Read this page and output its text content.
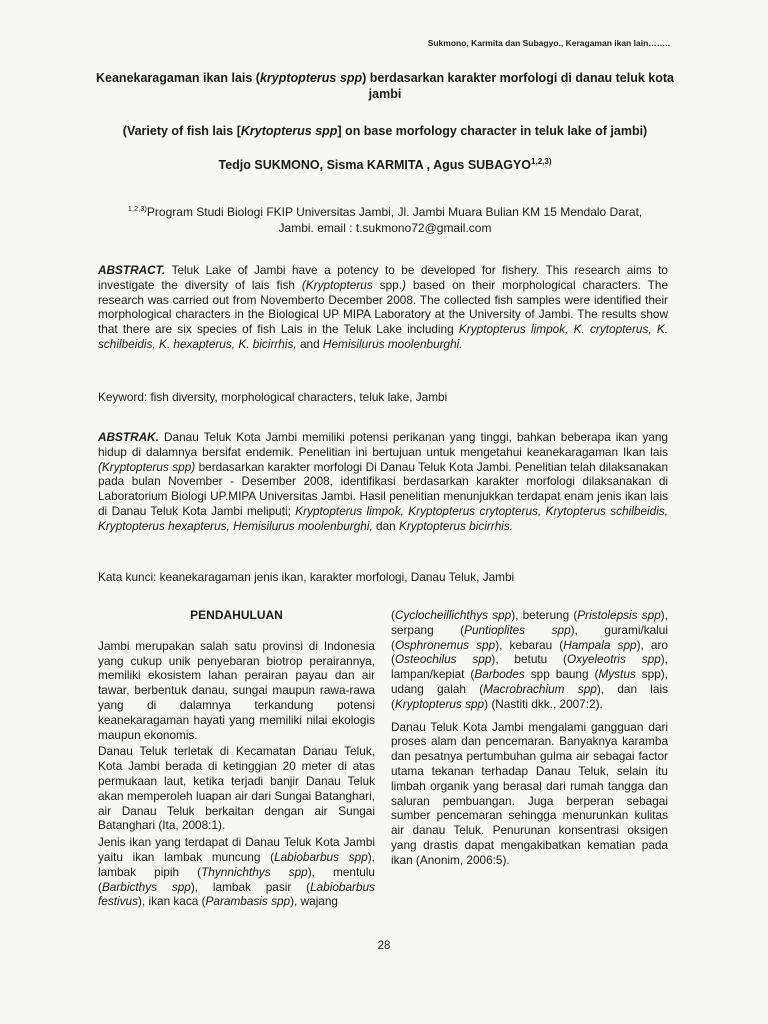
Sukmono, Karmita dan Subagyo., Keragaman ikan lain……..
Keanekaragaman ikan lais (kryptopterus spp) berdasarkan karakter morfologi di danau teluk kota jambi
(Variety of fish lais [Krytopterus spp] on base morfology character in teluk lake of jambi)
Tedjo SUKMONO, Sisma KARMITA , Agus SUBAGYO$^{1,2,3)}$
$^{1,2,3)}$Program Studi Biologi FKIP Universitas Jambi, Jl. Jambi Muara Bulian KM 15 Mendalo Darat,
Jambi. email : t.sukmono72@gmail.com
ABSTRACT. Teluk Lake of Jambi have a potency to be developed for fishery. This research aims to investigate the diversity of lais fish (Kryptopterus spp.) based on their morphological characters. The research was carried out from Novemberto December 2008. The collected fish samples were identified their morphological characters in the Biological UP MIPA Laboratory at the University of Jambi. The results show that there are six species of fish Lais in the Teluk Lake including Kryptopterus limpok, K. crytopterus, K. schilbeidis, K. hexapterus, K. bicirrhis, and Hemisilurus moolenburghi.
Keyword: fish diversity, morphological characters, teluk lake, Jambi
ABSTRAK. Danau Teluk Kota Jambi memiliki potensi perikanan yang tinggi, bahkan beberapa ikan yang hidup di dalamnya bersifat endemik. Penelitian ini bertujuan untuk mengetahui keanekaragaman Ikan lais (Kryptopterus spp) berdasarkan karakter morfologi Di Danau Teluk Kota Jambi. Penelitian telah dilaksanakan pada bulan November - Desember 2008, identifikasi berdasarkan karakter morfologi dilaksanakan di Laboratorium Biologi UP.MIPA Universitas Jambi. Hasil penelitian menunjukkan terdapat enam jenis ikan lais di Danau Teluk Kota Jambi meliputi; Kryptopterus limpok, Kryptopterus crytopterus, Krytopterus schilbeidis, Kryptopterus hexapterus, Hemisilurus moolenburghi, dan Kryptopterus bicirrhis.
Kata kunci: keanekaragaman jenis ikan, karakter morfologi, Danau Teluk, Jambi
PENDAHULUAN

Jambi merupakan salah satu provinsi di Indonesia yang cukup unik penyebaran biotrop perairannya, memiliki ekosistem lahan perairan payau dan air tawar, berbentuk danau, sungai maupun rawa-rawa yang di dalamnya terkandung potensi keanekaragaman hayati yang memiliki nilai ekologis maupun ekonomis.

Danau Teluk terletak di Kecamatan Danau Teluk, Kota Jambi berada di ketinggian 20 meter di atas permukaan laut, ketika terjadi banjir Danau Teluk akan memperoleh luapan air dari Sungai Batanghari, air Danau Teluk berkaitan dengan air Sungai Batanghari (Ita, 2008:1).

Jenis ikan yang terdapat di Danau Teluk Kota Jambi yaitu ikan lambak muncung (Labiobarbus spp), lambak pipih (Thynnichthys spp), mentulu (Barbicthys spp), lambak pasir (Labiobarbus festivus), ikan kaca (Parambasis spp), wajang

(Cyclocheillichthys spp), beterung (Pristolepsis spp), serpang (Puntioplites spp), gurami/kalui (Osphronemus spp), kebarau (Hampala spp), aro (Osteochilus spp), betutu (Oxyeleotris spp), lampan/kepiat (Barbodes spp baung (Mystus spp), udang galah (Macrobrachium spp), dan lais (Kryptopterus spp) (Nastiti dkk., 2007:2).

Danau Teluk Kota Jambi mengalami gangguan dari proses alam dan pencemaran. Banyaknya karamba dan pesatnya pertumbuhan gulma air sebagai factor utama tekanan terhadap Danau Teluk, selain itu limbah organik yang berasal dari rumah tangga dan saluran pembuangan. Juga berperan sebagai sumber pencemaran sehingga menurunkan kulitas air danau Teluk. Penurunan konsentrasi oksigen yang drastis dapat mengakibatkan kematian pada ikan (Anonim, 2006:5).

28
